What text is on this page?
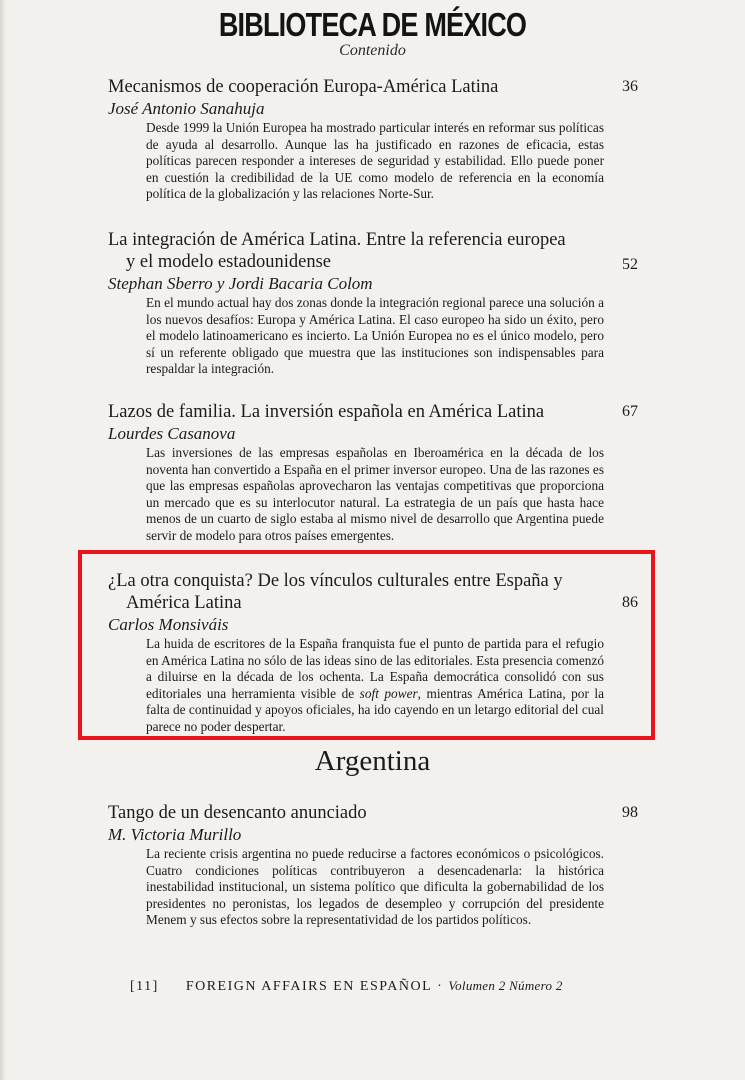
BIBLIOTECA DE MÉXICO
Contenido
36

Mecanismos de cooperación Europa-América Latina

José Antonio Sanahuja

Desde 1999 la Unión Europea ha mostrado particular interés en reformar sus políticas de ayuda al desarrollo. Aunque las ha justificado en razones de eficacia, estas políticas parecen responder a intereses de seguridad y estabilidad. Ello puede poner en cuestión la credibilidad de la UE como modelo de referencia en la economía política de la globalización y las relaciones Norte-Sur.

52

La integración de América Latina. Entre la referencia europea
y el modelo estadounidense

Stephan Sberro y Jordi Bacaria Colom

En el mundo actual hay dos zonas donde la integración regional parece una solución a los nuevos desafíos: Europa y América Latina. El caso europeo ha sido un éxito, pero el modelo latinoamericano es incierto. La Unión Europea no es el único modelo, pero sí un referente obligado que muestra que las instituciones son indispensables para respaldar la integración.

67

Lazos de familia. La inversión española en América Latina

Lourdes Casanova

Las inversiones de las empresas españolas en Iberoamérica en la década de los noventa han convertido a España en el primer inversor europeo. Una de las razones es que las empresas españolas aprovecharon las ventajas competitivas que proporciona un mercado que es su interlocutor natural. La estrategia de un país que hasta hace menos de un cuarto de siglo estaba al mismo nivel de desarrollo que Argentina puede servir de modelo para otros países emergentes.

86

¿La otra conquista? De los vínculos culturales entre España y
América Latina

Carlos Monsiváis

La huida de escritores de la España franquista fue el punto de partida para el refugio en América Latina no sólo de las ideas sino de las editoriales. Esta presencia comenzó a diluirse en la década de los ochenta. La España democrática consolidó con sus editoriales una herramienta visible de soft power, mientras América Latina, por la falta de continuidad y apoyos oficiales, ha ido cayendo en un letargo editorial del cual parece no poder despertar.

Argentina
98

Tango de un desencanto anunciado

M. Victoria Murillo

La reciente crisis argentina no puede reducirse a factores económicos o psicológicos. Cuatro condiciones políticas contribuyeron a desencadenarla: la histórica inestabilidad institucional, un sistema político que dificulta la gobernabilidad de los presidentes no peronistas, los legados de desempleo y corrupción del presidente Menem y sus efectos sobre la representatividad de los partidos políticos.

[11] FOREIGN AFFAIRS EN ESPAÑOL · Volumen 2 Número 2
